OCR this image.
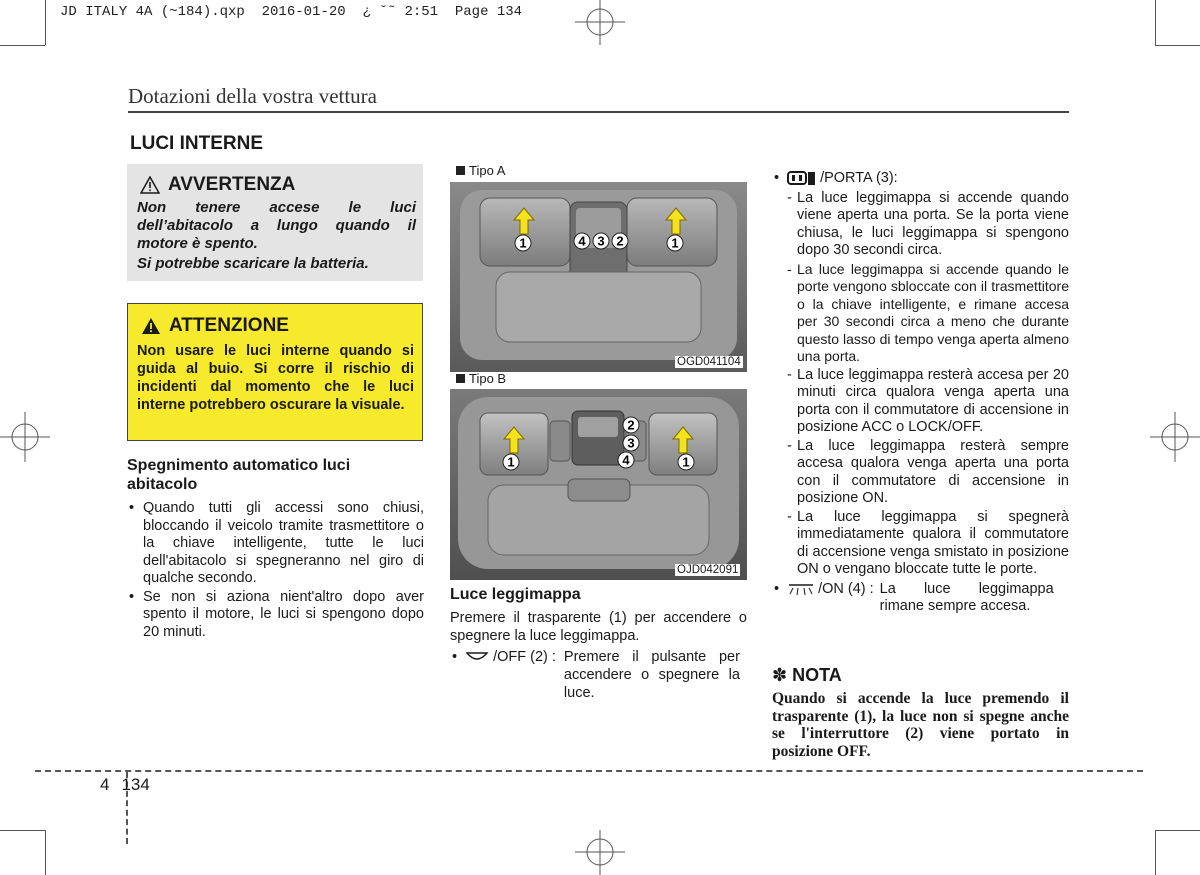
JD ITALY 4A (~184).qxp  2016-01-20  ¿ ˘˜ 2:51  Page 134
Dotazioni della vostra vettura
LUCI INTERNE
AVVERTENZA

Non tenere accese le luci dell’abitacolo a lungo quando il motore è spento.

Si potrebbe scaricare la batteria.

ATTENZIONE
Non usare le luci interne quando si guida al buio. Si corre il rischio di incidenti dal momento che le luci interne potrebbero oscurare la visuale.
Spegnimento automatico luci abitacolo
• Quando tutti gli accessi sono chiusi, bloccando il veicolo tramite trasmettitore o la chiave intelligente, tutte le luci dell'abitacolo si spegneranno nel giro di qualche secondo.
• Se non si aziona nient'altro dopo aver spento il motore, le luci si spengono dopo 20 minuti.
Tipo A
OGD041104
1	4 3 2	1
Tipo B
OJD042091
2
3
4
1	1
Luce leggimappa
Premere il trasparente (1) per accendere o spegnere la luce leggimappa.
• /OFF (2) : Premere il pulsante per accendere o spegnere la luce.
•	/PORTA (3):
- La luce leggimappa si accende quando viene aperta una porta. Se la porta viene chiusa, le luci leggimappa si spengono dopo 30 secondi circa.
- La luce leggimappa si accende quando le porte vengono sbloccate con il trasmettitore o la chiave intelligente, e rimane accesa per 30 secondi circa a meno che durante questo lasso di tempo venga aperta almeno una porta.
- La luce leggimappa resterà accesa per 20 minuti circa qualora venga aperta una porta con il commutatore di accensione in posizione ACC o LOCK/OFF.
- La luce leggimappa resterà sempre accesa qualora venga aperta una porta con il commutatore di accensione in posizione ON.
- La luce leggimappa si spegnerà immediatamente qualora il commutatore di accensione venga smistato in posizione ON o vengano bloccate tutte le porte.
•	/ON (4) : La luce leggimappa rimane sempre accesa.
✽ NOTA
Quando si accende la luce premendo il trasparente (1), la luce non si spegne anche se l'interruttore (2) viene portato in posizione OFF.
4 134
